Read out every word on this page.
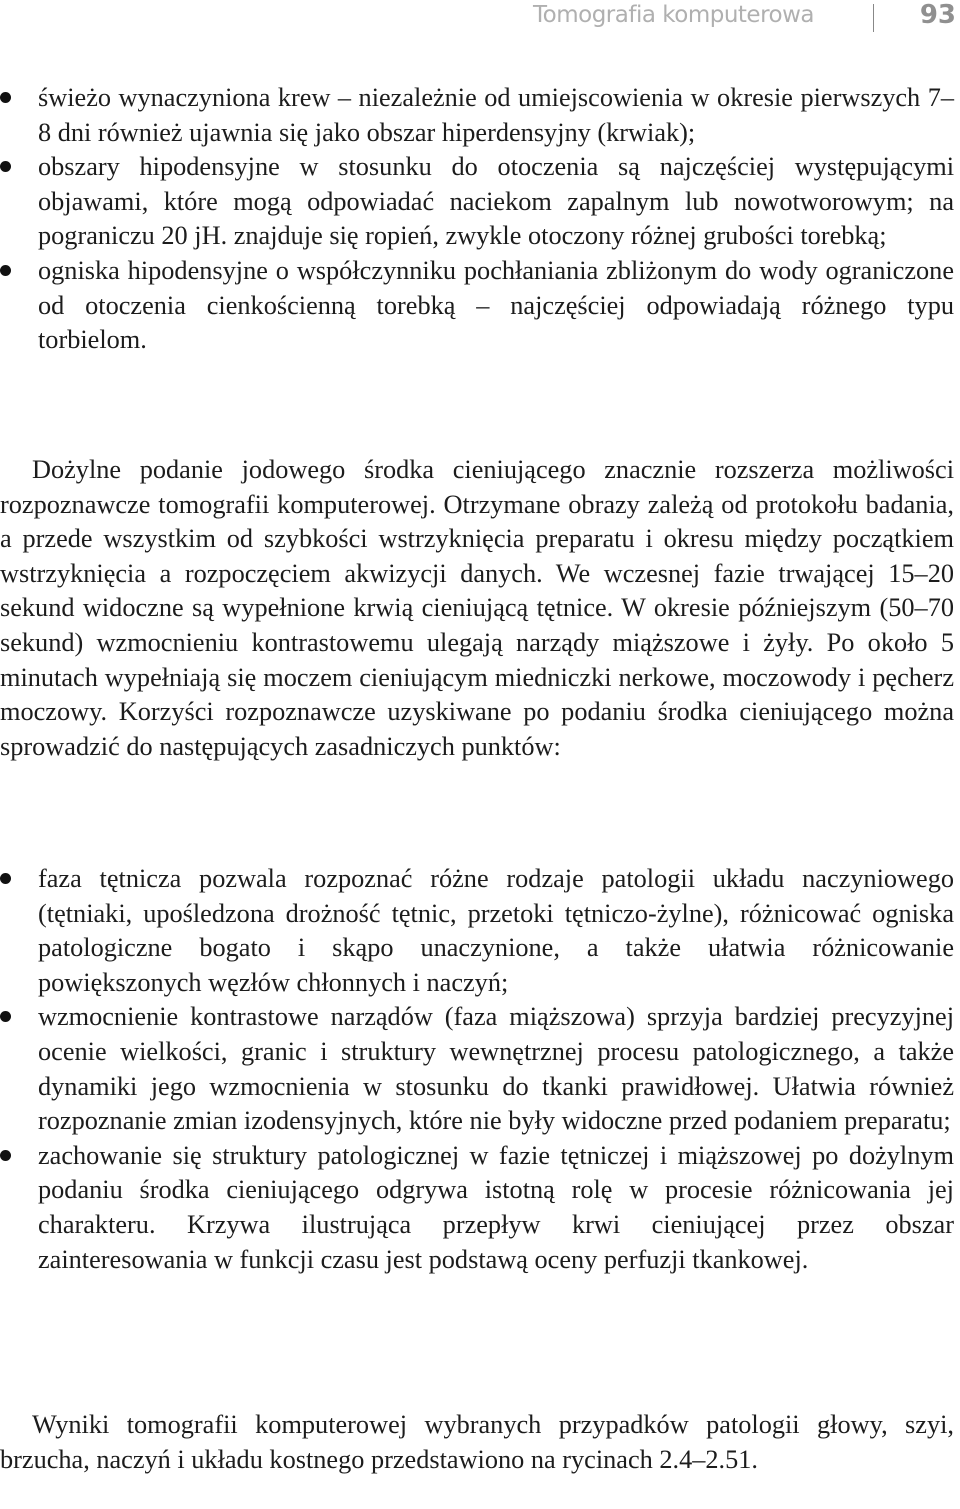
Tomografia komputerowa	93
świeżo wynaczyniona krew – niezależnie od umiejscowienia w okresie pierwszych 7–8 dni również ujawnia się jako obszar hiperdensyjny (krwiak);
obszary hipodensyjne w stosunku do otoczenia są najczęściej występującymi objawami, które mogą odpowiadać naciekom zapalnym lub nowotworowym; na pograniczu 20 jH. znajduje się ropień, zwykle otoczony różnej grubości torebką;
ogniska hipodensyjne o współczynniku pochłaniania zbliżonym do wody ograniczone od otoczenia cienkościenną torebką – najczęściej odpowiadają różnego typu torbielom.

Dożylne podanie jodowego środka cieniującego znacznie rozszerza możliwości rozpoznawcze tomografii komputerowej. Otrzymane obrazy zależą od protokołu badania, a przede wszystkim od szybkości wstrzyknięcia preparatu i okresu między początkiem wstrzyknięcia a rozpoczęciem akwizycji danych. We wczesnej fazie trwającej 15–20 sekund widoczne są wypełnione krwią cieniującą tętnice. W okresie późniejszym (50–70 sekund) wzmocnieniu kontrastowemu ulegają narządy miąższowe i żyły. Po około 5 minutach wypełniają się moczem cieniującym miedniczki nerkowe, moczowody i pęcherz moczowy. Korzyści rozpoznawcze uzyskiwane po podaniu środka cieniującego można sprowadzić do następujących zasadniczych punktów:

faza tętnicza pozwala rozpoznać różne rodzaje patologii układu naczyniowego (tętniaki, upośledzona drożność tętnic, przetoki tętniczo-żylne), różnicować ogniska patologiczne bogato i skąpo unaczynione, a także ułatwia różnicowanie powiększonych węzłów chłonnych i naczyń;
wzmocnienie kontrastowe narządów (faza miąższowa) sprzyja bardziej precyzyjnej ocenie wielkości, granic i struktury wewnętrznej procesu patologicznego, a także dynamiki jego wzmocnienia w stosunku do tkanki prawidłowej. Ułatwia również rozpoznanie zmian izodensyjnych, które nie były widoczne przed podaniem preparatu;
zachowanie się struktury patologicznej w fazie tętniczej i miąższowej po dożylnym podaniu środka cieniującego odgrywa istotną rolę w procesie różnicowania jej charakteru. Krzywa ilustrująca przepływ krwi cieniującej przez obszar zainteresowania w funkcji czasu jest podstawą oceny perfuzji tkankowej.

Wyniki tomografii komputerowej wybranych przypadków patologii głowy, szyi, brzucha, naczyń i układu kostnego przedstawiono na rycinach 2.4–2.51.
